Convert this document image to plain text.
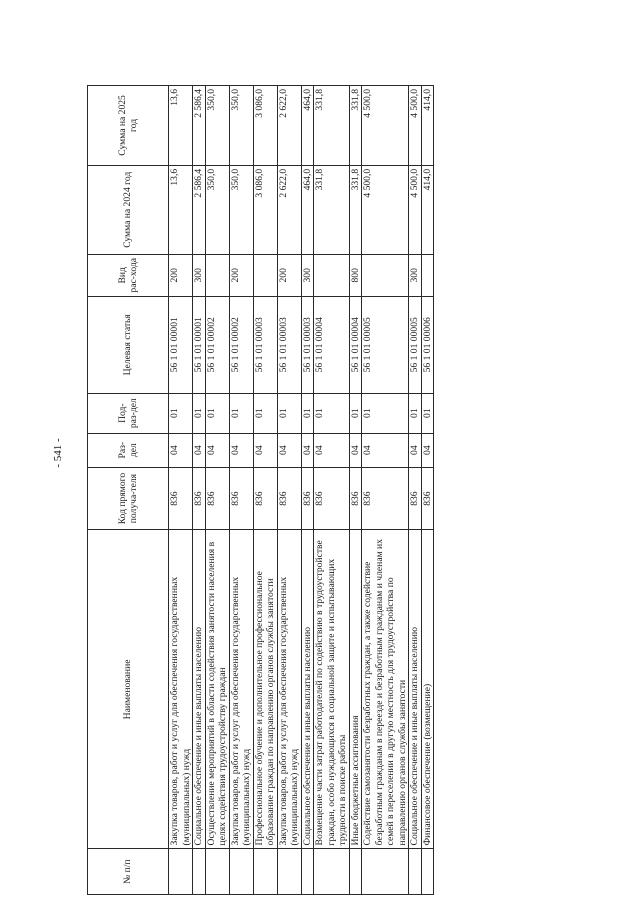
- 541 -
№ п/п	Наименование	Код прямого получа-теля	Раз-дел	Под-раз-дел	Целевая статья	Вид рас-хода	Сумма на 2024 год	Сумма на 2025 год
	Закупка товаров, работ и услуг для обеспечения государственных (муниципальных) нужд	836	04	01	56 1 01 00001	200	13,6	13,6
	Социальное обеспечение и иные выплаты населению	836	04	01	56 1 01 00001	300	2 586,4	2 586,4
	Осуществление мероприятий в области содействия занятости населения в целях содействия трудоустройству граждан	836	04	01	56 1 01 00002		350,0	350,0
	Закупка товаров, работ и услуг для обеспечения государственных (муниципальных) нужд	836	04	01	56 1 01 00002	200	350,0	350,0
	Профессиональное обучение и дополнительное профессиональное образование граждан по направлению органов службы занятости	836	04	01	56 1 01 00003		3 086,0	3 086,0
	Закупка товаров, работ и услуг для обеспечения государственных (муниципальных) нужд	836	04	01	56 1 01 00003	200	2 622,0	2 622,0
	Социальное обеспечение и иные выплаты населению	836	04	01	56 1 01 00003	300	464,0	464,0
	Возмещение части затрат работодателей по содействию в трудоустройстве граждан, особо нуждающихся в социальной защите и испытывающих трудности в поиске работы	836	04	01	56 1 01 00004		331,8	331,8
	Иные бюджетные ассигнования	836	04	01	56 1 01 00004	800	331,8	331,8
	Содействие самозанятости безработных граждан, а также содействие безработным гражданам в переезде и безработным гражданам и членам их семей в переселении в другую местность для трудоустройства по направлению органов службы занятости	836	04	01	56 1 01 00005		4 500,0	4 500,0
	Социальное обеспечение и иные выплаты населению	836	04	01	56 1 01 00005	300	4 500,0	4 500,0
	Финансовое обеспечение (возмещение)	836	04	01	56 1 01 00006		414,0	414,0
